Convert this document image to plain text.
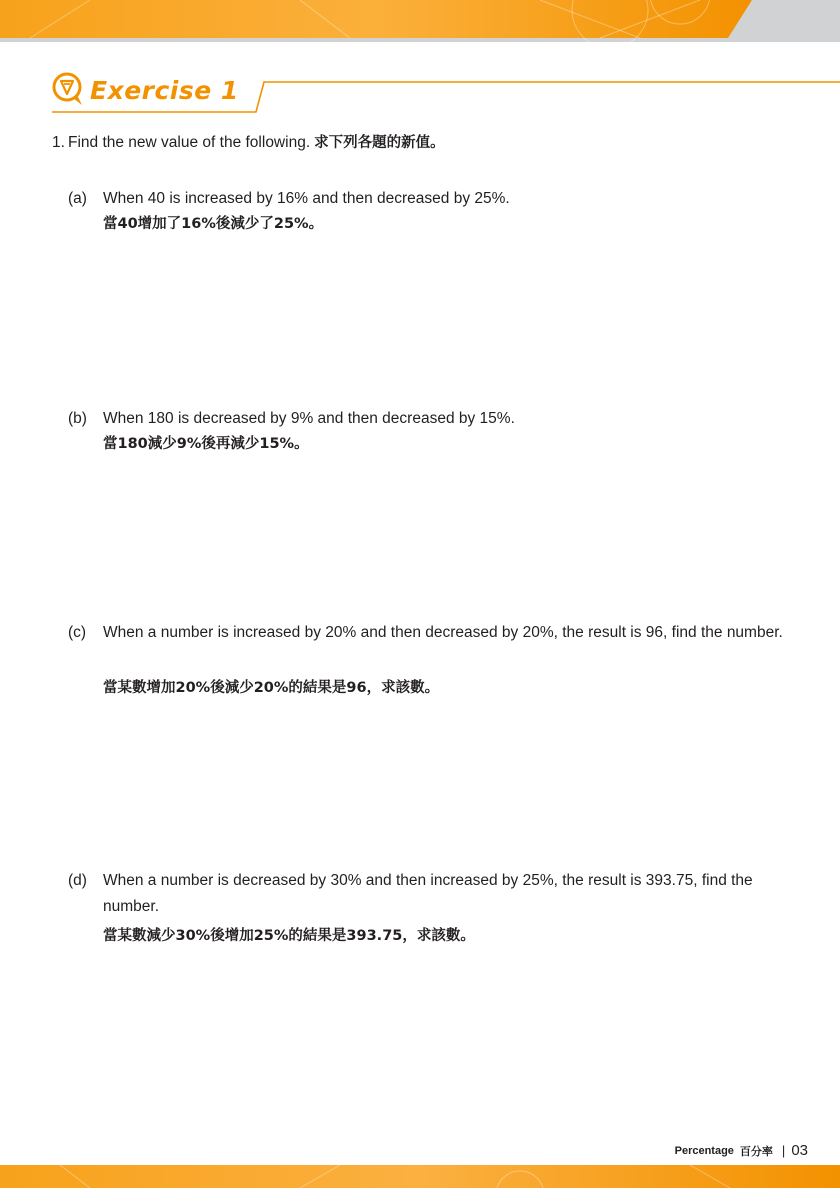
Exercise 1
1. Find the new value of the following. 求下列各題的新值。
(a) When 40 is increased by 16% and then decreased by 25%.
當40增加了16%後減少了25%。
(b) When 180 is decreased by 9% and then decreased by 15%.
當180減少9%後再減少15%。
(c) When a number is increased by 20% and then decreased by 20%, the result is 96, find the number.
當某數增加20%後減少20%的結果是96，求該數。
(d) When a number is decreased by 30% and then increased by 25%, the result is 393.75, find the number.
當某數減少30%後增加25%的結果是393.75，求該數。
Percentage 百分率 | 03
